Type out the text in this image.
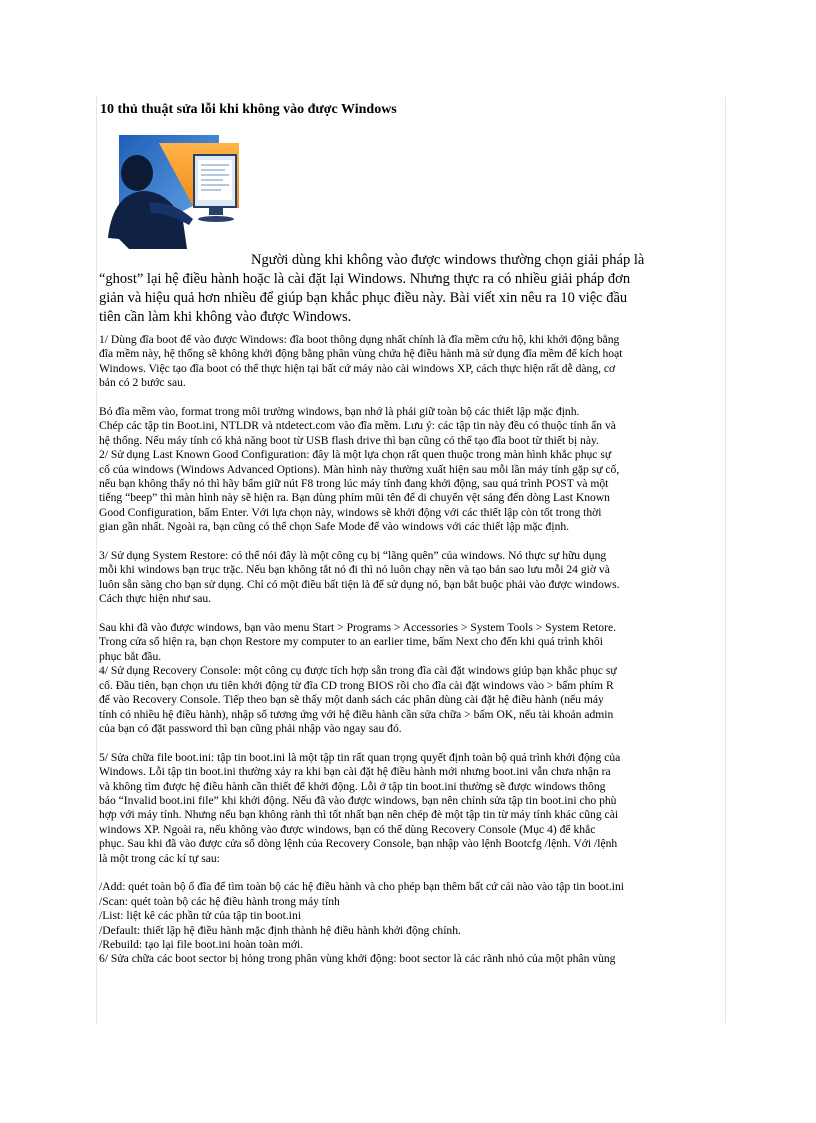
10 thủ thuật sửa lỗi khi không vào được Windows
Người dùng khi không vào được windows thường chọn giải pháp là
“ghost” lại hệ điều hành hoặc là cài đặt lại Windows. Nhưng thực ra có nhiều giải pháp đơn
giản và hiệu quả hơn nhiều để giúp bạn khắc phục điều này. Bài viết xin nêu ra 10 việc đầu
tiên cần làm khi không vào được Windows.

1/ Dùng đĩa boot để vào được Windows: đĩa boot thông dụng nhất chính là đĩa mềm cứu hộ, khi khởi động bằng

đĩa mềm này, hệ thống sẽ không khởi động bằng phân vùng chứa hệ điều hành mà sử dụng đĩa mềm để kích hoạt

Windows. Việc tạo đĩa boot có thể thực hiện tại bất cứ máy nào cài windows XP, cách thực hiện rất dễ dàng, cơ

bản có 2 bước sau.

Bỏ đĩa mềm vào, format trong môi trường windows, bạn nhớ là phải giữ toàn bộ các thiết lập mặc định.

Chép các tập tin Boot.ini, NTLDR và ntdetect.com vào đĩa mềm. Lưu ý: các tập tin này đều có thuộc tính ẩn và

hệ thống. Nếu máy tính có khả năng boot từ USB flash drive thì bạn cũng có thể tạo đĩa boot từ thiết bị này.

2/ Sử dụng Last Known Good Configuration: đây là một lựa chọn rất quen thuộc trong màn hình khắc phục sự

cố của windows (Windows Advanced Options). Màn hình này thường xuất hiện sau mỗi lần máy tính gặp sự cố,

nếu bạn không thấy nó thì hãy bấm giữ nút F8 trong lúc máy tính đang khởi động, sau quá trình POST và một

tiếng “beep” thì màn hình này sẽ hiện ra. Bạn dùng phím mũi tên để di chuyển vệt sáng đến dòng Last Known

Good Configuration, bấm Enter. Với lựa chọn này, windows sẽ khởi động với các thiết lập còn tốt trong thời

gian gần nhất. Ngoài ra, bạn cũng có thể chọn Safe Mode để vào windows với các thiết lập mặc định.

3/ Sử dụng System Restore: có thể nói đây là một công cụ bị “lãng quên” của windows. Nó thực sự hữu dụng

mỗi khi windows bạn trục trặc. Nếu bạn không tắt nó đi thì nó luôn chạy nền và tạo bản sao lưu mỗi 24 giờ và

luôn sẵn sàng cho bạn sử dụng. Chỉ có một điều bất tiện là để sử dụng nó, bạn bắt buộc phải vào được windows.

Cách thực hiện như sau.

Sau khi đã vào được windows, bạn vào menu Start > Programs > Accessories > System Tools > System Retore.

Trong cửa sổ hiện ra, bạn chọn Restore my computer to an earlier time, bấm Next cho đến khi quá trình khôi

phục bắt đầu.

4/ Sử dụng Recovery Console: một công cụ được tích hợp sẵn trong đĩa cài đặt windows giúp bạn khắc phục sự

cố. Đầu tiên, bạn chọn ưu tiên khởi động từ đĩa CD trong BIOS rồi cho đĩa cài đặt windows vào > bấm phím R

để vào Recovery Console. Tiếp theo bạn sẽ thấy một danh sách các phân dùng cài đặt hệ điều hành (nếu máy

tính có nhiều hệ điều hành), nhập số tương ứng với hệ điều hành cần sửa chữa > bấm OK, nếu tài khoản admin

của bạn có đặt password thì bạn cũng phải nhập vào ngay sau đó.

5/ Sửa chữa file boot.ini: tập tin boot.ini là một tập tin rất quan trọng quyết định toàn bộ quá trình khởi động của

Windows. Lỗi tập tin boot.ini thường xảy ra khi bạn cài đặt hệ điều hành mới nhưng boot.ini vẫn chưa nhận ra

và không tìm được hệ điều hành cần thiết để khởi động. Lỗi ở tập tin boot.ini thường sẽ được windows thông

báo “Invalid boot.ini file” khi khởi động. Nếu đã vào được windows, bạn nên chỉnh sửa tập tin boot.ini cho phù

hợp với máy tính. Nhưng nếu bạn không rành thì tốt nhất bạn nên chép đè một tập tin từ máy tính khác cũng cài

windows XP. Ngoài ra, nếu không vào được windows, bạn có thể dùng Recovery Console (Mục 4) để khắc

phục. Sau khi đã vào được cửa sổ dòng lệnh của Recovery Console, bạn nhập vào lệnh Bootcfg /lệnh. Với /lệnh

là một trong các kí tự sau:

/Add: quét toàn bộ ổ đĩa để tìm toàn bộ các hệ điều hành và cho phép bạn thêm bất cứ cái nào vào tập tin boot.ini

/Scan: quét toàn bộ các hệ điều hành trong máy tính

/List: liệt kê các phần tử của tập tin boot.ini

/Default: thiết lập hệ điều hành mặc định thành hệ điều hành khởi động chính.

/Rebuild: tạo lại file boot.ini hoàn toàn mới.

6/ Sửa chữa các boot sector bị hỏng trong phân vùng khởi động: boot sector là các rãnh nhỏ của một phân vùng
